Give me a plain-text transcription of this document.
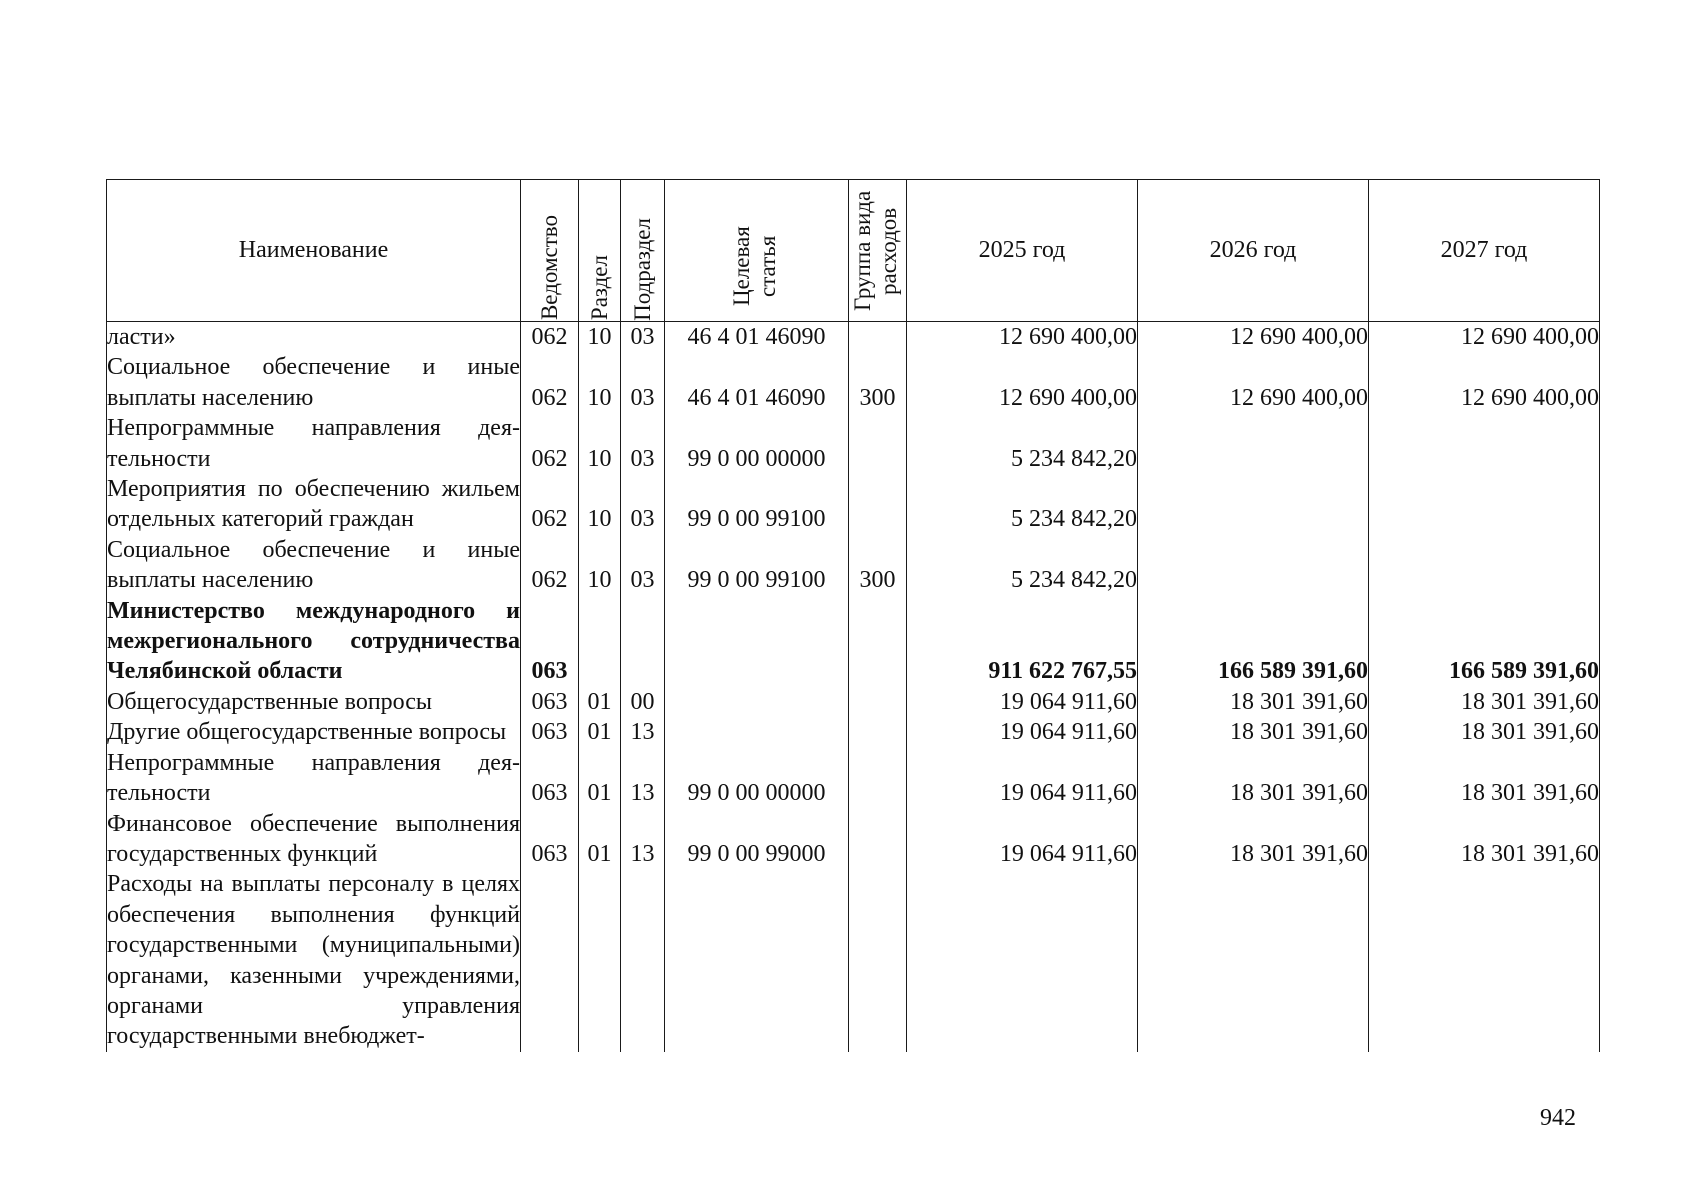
Наименование	Ведомство	Раздел	Подраздел	Целевая статья	Группа вида расходов	2025 год	2026 год	2027 год
ласти»	062	10	03	46 4 01 46090		12 690 400,00	12 690 400,00	12 690 400,00
Социальное обеспечение и иные выплаты населению	062	10	03	46 4 01 46090	300	12 690 400,00	12 690 400,00	12 690 400,00
Непрограммные направления деятельности	062	10	03	99 0 00 00000		5 234 842,20		
Мероприятия по обеспечению жильем отдельных категорий граждан	062	10	03	99 0 00 99100		5 234 842,20		
Социальное обеспечение и иные выплаты населению	062	10	03	99 0 00 99100	300	5 234 842,20		
Министерство международного и межрегионального сотрудничества Челябинской области	063					911 622 767,55	166 589 391,60	166 589 391,60
Общегосударственные вопросы	063	01	00			19 064 911,60	18 301 391,60	18 301 391,60
Другие общегосударственные вопросы	063	01	13			19 064 911,60	18 301 391,60	18 301 391,60
Непрограммные направления деятельности	063	01	13	99 0 00 00000		19 064 911,60	18 301 391,60	18 301 391,60
Финансовое обеспечение выполнения государственных функций	063	01	13	99 0 00 99000		19 064 911,60	18 301 391,60	18 301 391,60
Расходы на выплаты персоналу в целях обеспечения выполнения функций государственными (муниципальными) органами, казенными учреждениями, органами управления государственными внебюджет-								
942
